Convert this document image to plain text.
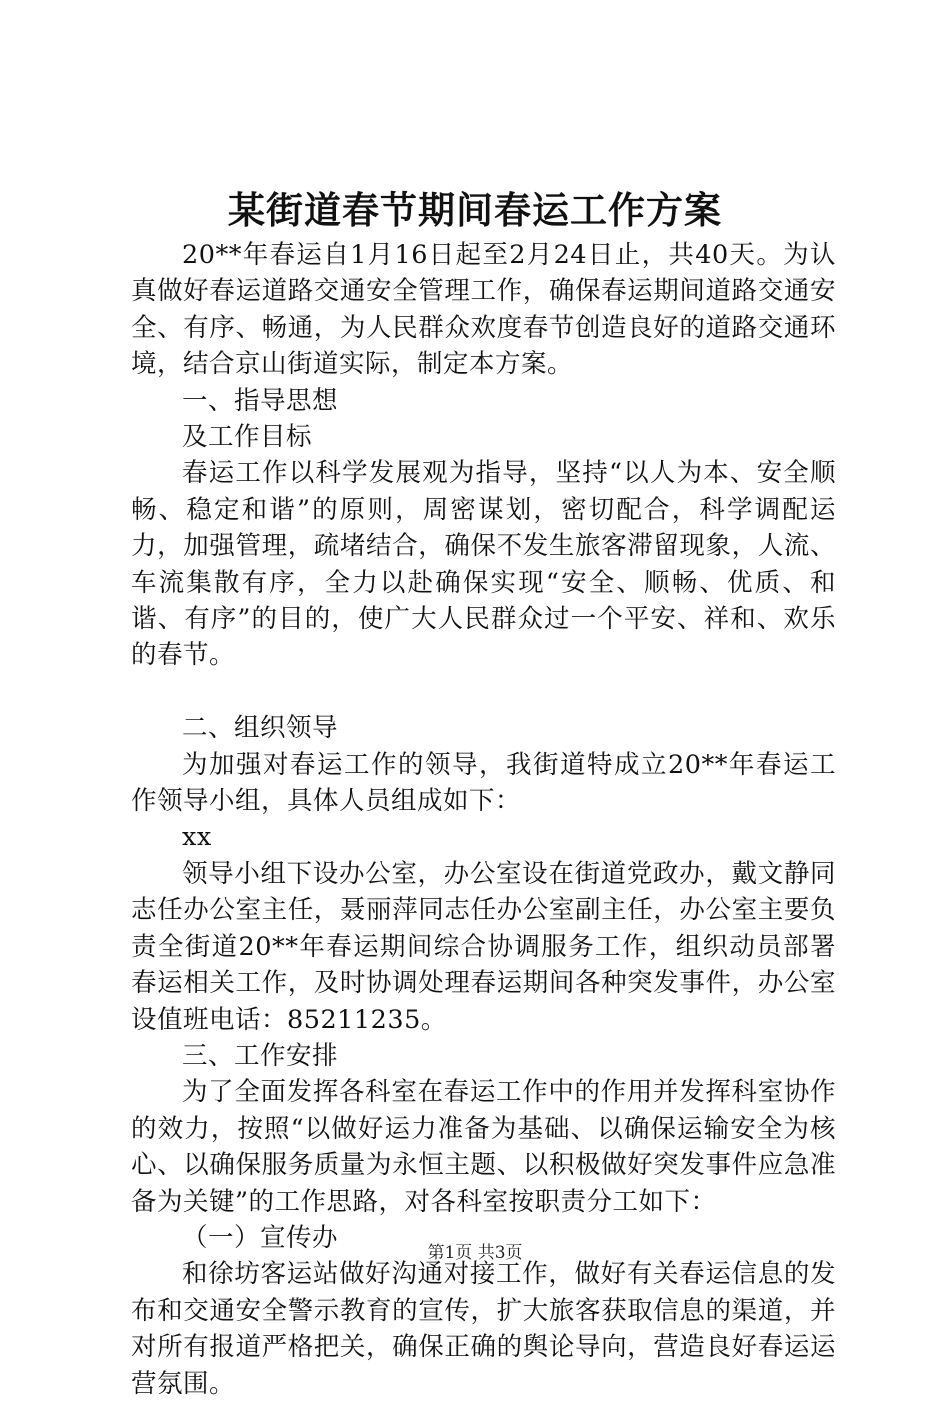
某街道春节期间春运工作方案

20**年春运自1月16日起至2月24日止，共40天。为认真做好春运道路交通安全管理工作，确保春运期间道路交通安全、有序、畅通，为人民群众欢度春节创造良好的道路交通环境，结合京山街道实际，制定本方案。

一、指导思想

及工作目标

春运工作以科学发展观为指导，坚持“以人为本、安全顺畅、稳定和谐”的原则，周密谋划，密切配合，科学调配运力，加强管理，疏堵结合，确保不发生旅客滞留现象，人流、车流集散有序，全力以赴确保实现“安全、顺畅、优质、和谐、有序”的目的，使广大人民群众过一个平安、祥和、欢乐的春节。

二、组织领导

为加强对春运工作的领导，我街道特成立20**年春运工作领导小组，具体人员组成如下：

xx

领导小组下设办公室，办公室设在街道党政办，戴文静同志任办公室主任，聂丽萍同志任办公室副主任，办公室主要负责全街道20**年春运期间综合协调服务工作，组织动员部署春运相关工作，及时协调处理春运期间各种突发事件，办公室设值班电话：85211235。

三、工作安排

为了全面发挥各科室在春运工作中的作用并发挥科室协作的效力，按照“以做好运力准备为基础、以确保运输安全为核心、以确保服务质量为永恒主题、以积极做好突发事件应急准备为关键”的工作思路，对各科室按职责分工如下：

（一）宣传办

和徐坊客运站做好沟通对接工作，做好有关春运信息的发布和交通安全警示教育的宣传，扩大旅客获取信息的渠道，并对所有报道严格把关，确保正确的舆论导向，营造良好春运运营氛围。

第1页 共3页
